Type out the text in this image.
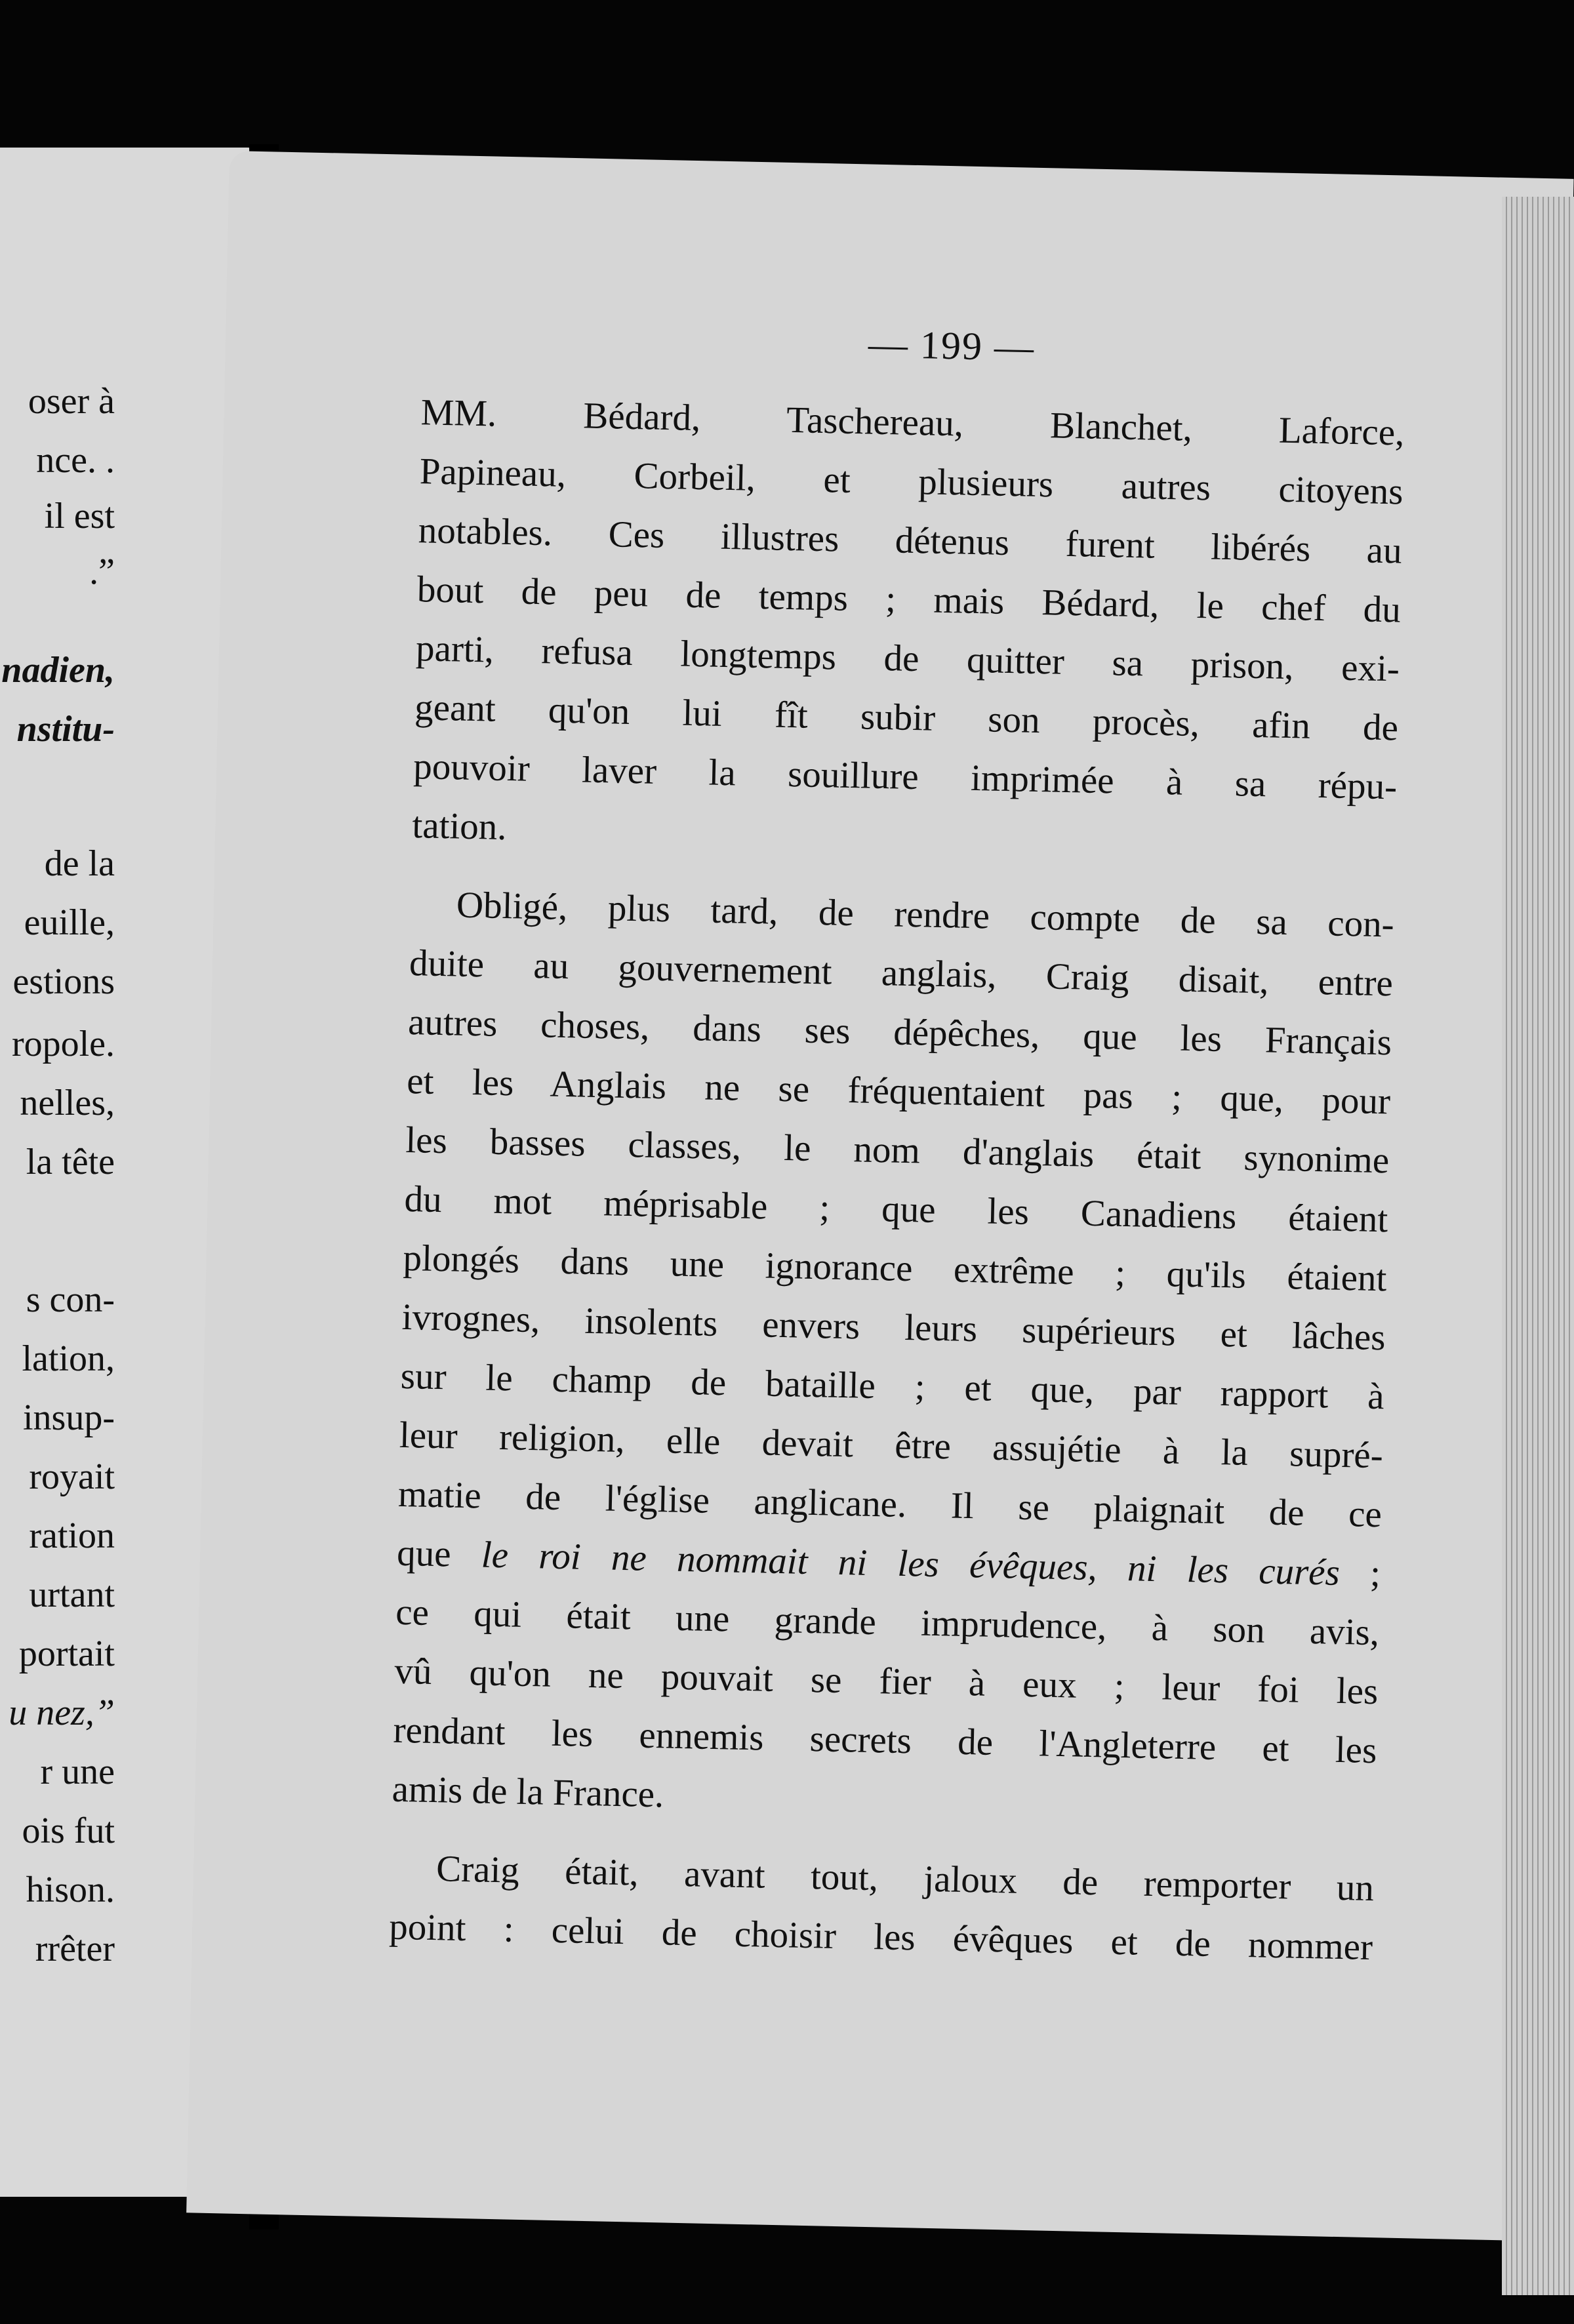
oser à
nce. .
il est
.”
nadien,
nstitu-
de la
euille,
estions
ropole.
nelles,
la tête
s con-
lation,
insup-
royait
ration
urtant
portait
u nez,”
r une
ois fut
hison.
rrêter
— 199 —
MM. Bédard, Taschereau, Blanchet, Laforce,
Papineau, Corbeil, et plusieurs autres citoyens
notables. Ces illustres détenus furent libérés au
bout de peu de temps ; mais Bédard, le chef du
parti, refusa longtemps de quitter sa prison, exi-
geant qu'on lui fît subir son procès, afin de
pouvoir laver la souillure imprimée à sa répu-
tation.
Obligé, plus tard, de rendre compte de sa con-
duite au gouvernement anglais, Craig disait, entre
autres choses, dans ses dépêches, que les Français
et les Anglais ne se fréquentaient pas ; que, pour
les basses classes, le nom d'anglais était synonime
du mot méprisable ; que les Canadiens étaient
plongés dans une ignorance extrême ; qu'ils étaient
ivrognes, insolents envers leurs supérieurs et lâches
sur le champ de bataille ; et que, par rapport à
leur religion, elle devait être assujétie à la supré-
matie de l'église anglicane. Il se plaignait de ce
que le roi ne nommait ni les évêques, ni les curés ;
ce qui était une grande imprudence, à son avis,
vû qu'on ne pouvait se fier à eux ; leur foi les
rendant les ennemis secrets de l'Angleterre et les
amis de la France.
Craig était, avant tout, jaloux de remporter un
point : celui de choisir les évêques et de nommer
